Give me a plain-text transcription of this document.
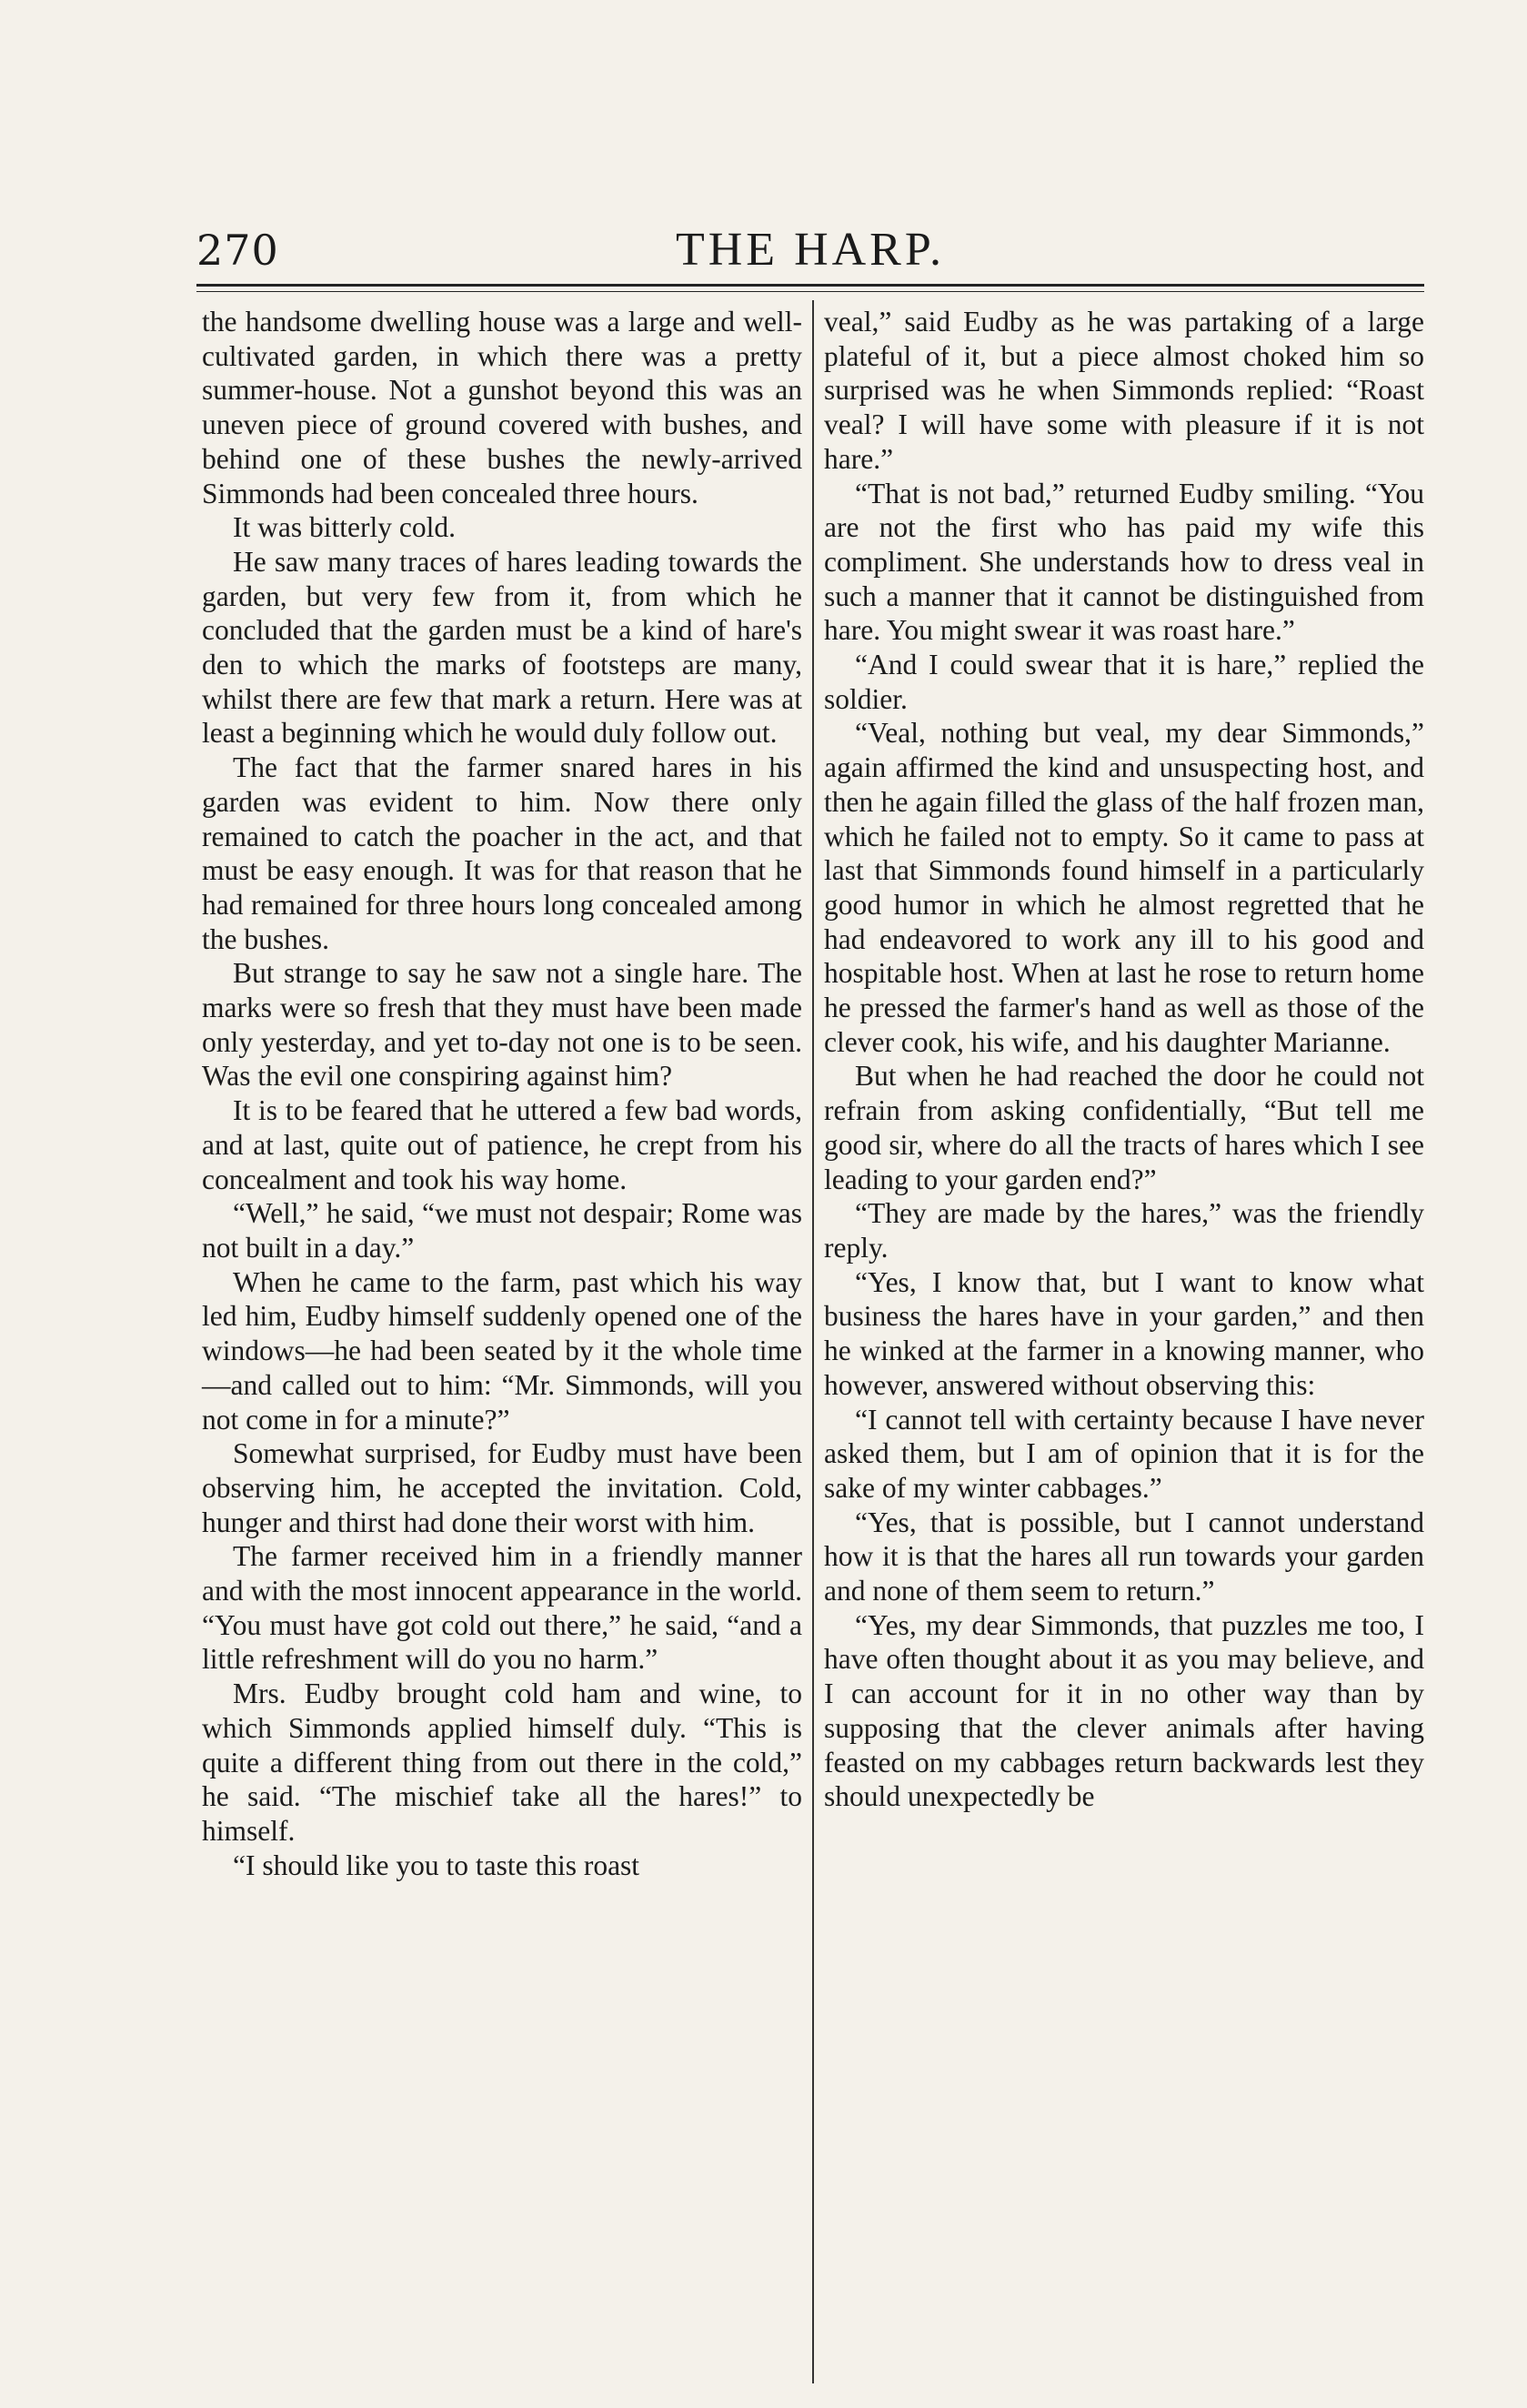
270	THE HARP.

the handsome dwelling house was a large and well-cultivated garden, in which there was a pretty summer-house. Not a gunshot beyond this was an uneven piece of ground covered with bushes, and behind one of these bushes the newly-arrived Simmonds had been concealed three hours.

It was bitterly cold.

He saw many traces of hares leading towards the garden, but very few from it, from which he concluded that the garden must be a kind of hare's den to which the marks of footsteps are many, whilst there are few that mark a return. Here was at least a beginning which he would duly follow out.

The fact that the farmer snared hares in his garden was evident to him. Now there only remained to catch the poacher in the act, and that must be easy enough. It was for that reason that he had remained for three hours long concealed among the bushes.

But strange to say he saw not a single hare. The marks were so fresh that they must have been made only yesterday, and yet to-day not one is to be seen. Was the evil one conspiring against him?

It is to be feared that he uttered a few bad words, and at last, quite out of patience, he crept from his concealment and took his way home.

“Well,” he said, “we must not despair; Rome was not built in a day.”

When he came to the farm, past which his way led him, Eudby himself suddenly opened one of the windows—he had been seated by it the whole time—and called out to him: “Mr. Simmonds, will you not come in for a minute?”

Somewhat surprised, for Eudby must have been observing him, he accepted the invitation. Cold, hunger and thirst had done their worst with him.

The farmer received him in a friendly manner and with the most innocent appearance in the world. “You must have got cold out there,” he said, “and a little refreshment will do you no harm.”

Mrs. Eudby brought cold ham and wine, to which Simmonds applied himself duly. “This is quite a different thing from out there in the cold,” he said. “The mischief take all the hares!” to himself.

“I should like you to taste this roast

veal,” said Eudby as he was partaking of a large plateful of it, but a piece almost choked him so surprised was he when Simmonds replied: “Roast veal? I will have some with pleasure if it is not hare.”

“That is not bad,” returned Eudby smiling. “You are not the first who has paid my wife this compliment. She understands how to dress veal in such a manner that it cannot be distinguished from hare. You might swear it was roast hare.”

“And I could swear that it is hare,” replied the soldier.

“Veal, nothing but veal, my dear Simmonds,” again affirmed the kind and unsuspecting host, and then he again filled the glass of the half frozen man, which he failed not to empty. So it came to pass at last that Simmonds found himself in a particularly good humor in which he almost regretted that he had endeavored to work any ill to his good and hospitable host. When at last he rose to return home he pressed the farmer's hand as well as those of the clever cook, his wife, and his daughter Marianne.

But when he had reached the door he could not refrain from asking confidentially, “But tell me good sir, where do all the tracts of hares which I see leading to your garden end?”

“They are made by the hares,” was the friendly reply.

“Yes, I know that, but I want to know what business the hares have in your garden,” and then he winked at the farmer in a knowing manner, who however, answered without observing this:

“I cannot tell with certainty because I have never asked them, but I am of opinion that it is for the sake of my winter cabbages.”

“Yes, that is possible, but I cannot understand how it is that the hares all run towards your garden and none of them seem to return.”

“Yes, my dear Simmonds, that puzzles me too, I have often thought about it as you may believe, and I can account for it in no other way than by supposing that the clever animals after having feasted on my cabbages return backwards lest they should unexpectedly be
